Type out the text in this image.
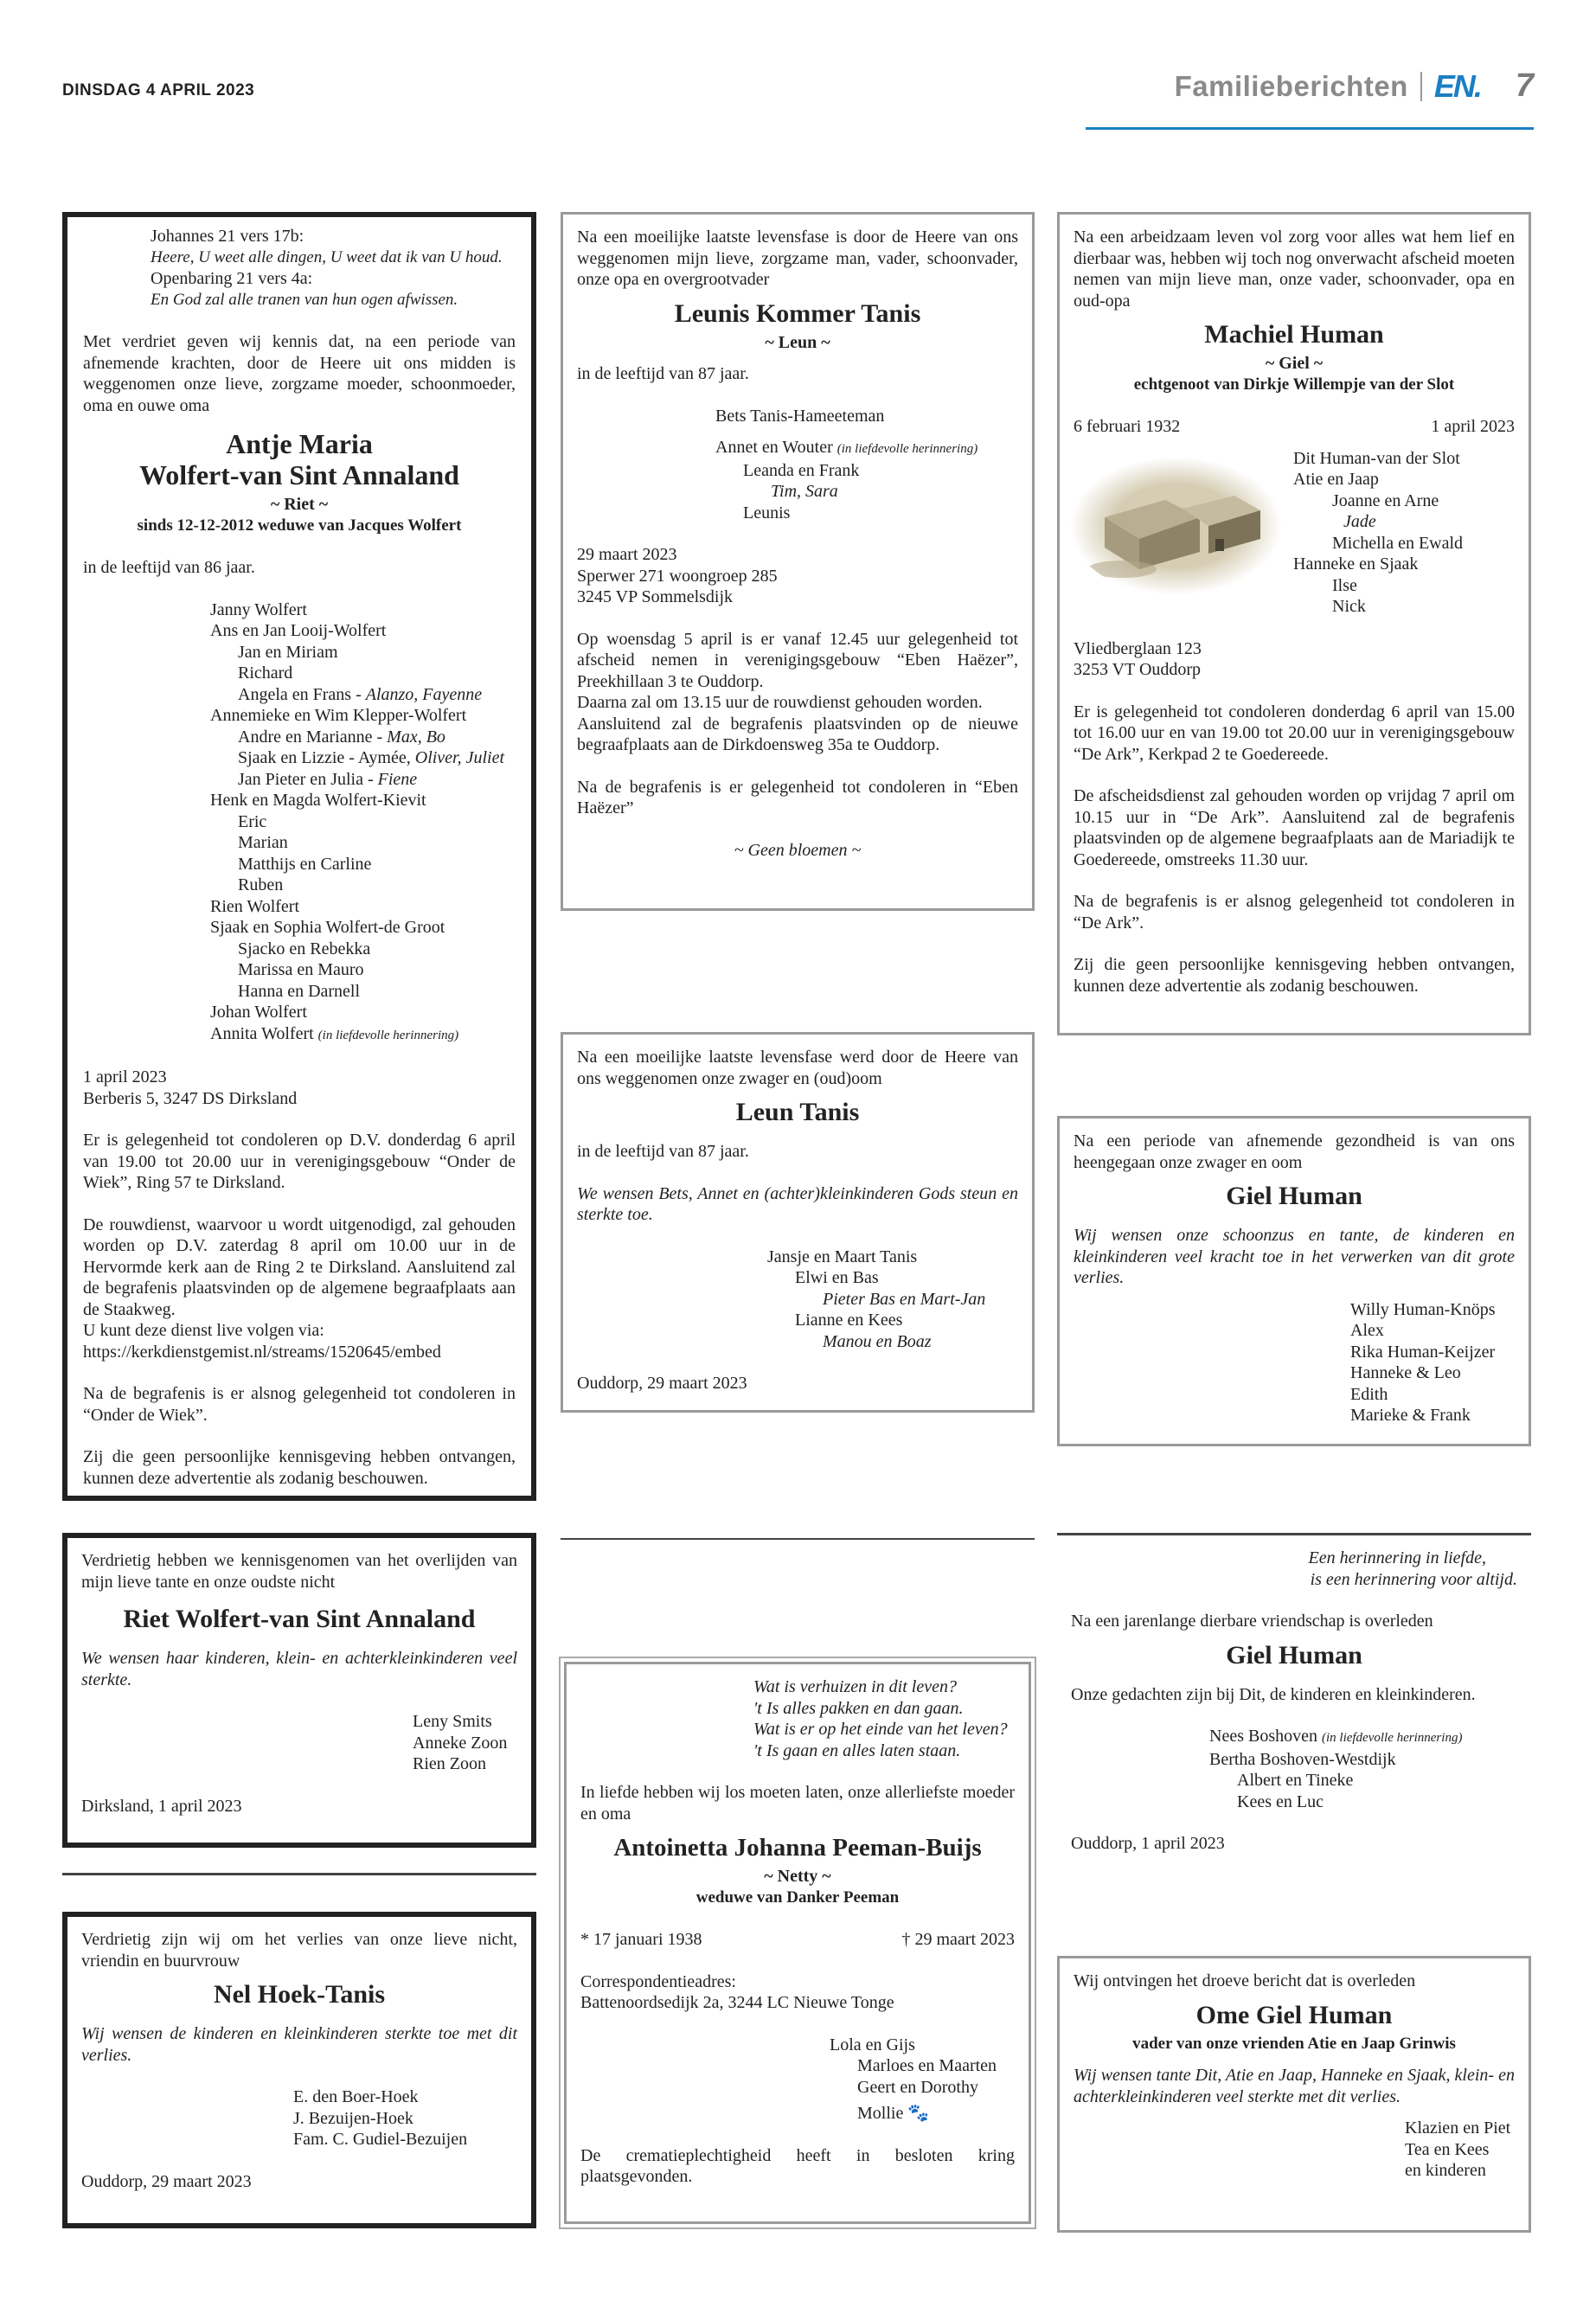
DINSDAG 4 APRIL 2023	Familieberichten EN. 7
Johannes 21 vers 17b:
Heere, U weet alle dingen, U weet dat ik van U houd.
Openbaring 21 vers 4a:
En God zal alle tranen van hun ogen afwissen.
Met verdriet geven wij kennis dat, na een periode van afnemende krachten, door de Heere uit ons midden is weggenomen onze lieve, zorgzame moeder, schoonmoeder, oma en ouwe oma
Antje Maria
Wolfert-van Sint Annaland
~ Riet ~
sinds 12-12-2012 weduwe van Jacques Wolfert
in de leeftijd van 86 jaar.
Janny Wolfert
Ans en Jan Looij-Wolfert
Jan en Miriam
Richard
Angela en Frans - Alanzo, Fayenne
Annemieke en Wim Klepper-Wolfert
Andre en Marianne - Max, Bo
Sjaak en Lizzie - Aymée, Oliver, Juliet
Jan Pieter en Julia - Fiene
Henk en Magda Wolfert-Kievit
Eric
Marian
Matthijs en Carline
Ruben
Rien Wolfert
Sjaak en Sophia Wolfert-de Groot
Sjacko en Rebekka
Marissa en Mauro
Hanna en Darnell
Johan Wolfert
Annita Wolfert (in liefdevolle herinnering)
1 april 2023
Berberis 5, 3247 DS Dirksland
Er is gelegenheid tot condoleren op D.V. donderdag 6 april van 19.00 tot 20.00 uur in verenigingsgebouw “Onder de Wiek”, Ring 57 te Dirksland.
De rouwdienst, waarvoor u wordt uitgenodigd, zal gehouden worden op D.V. zaterdag 8 april om 10.00 uur in de Hervormde kerk aan de Ring 2 te Dirksland. Aansluitend zal de begrafenis plaatsvinden op de algemene begraafplaats aan de Staakweg.
U kunt deze dienst live volgen via:
https://kerkdienstgemist.nl/streams/1520645/embed
Na de begrafenis is er alsnog gelegenheid tot condoleren in “Onder de Wiek”.
Zij die geen persoonlijke kennisgeving hebben ontvangen, kunnen deze advertentie als zodanig beschouwen.
Na een moeilijke laatste levensfase is door de Heere van ons weggenomen mijn lieve, zorgzame man, vader, schoonvader, onze opa en overgrootvader
Leunis Kommer Tanis
~ Leun ~
in de leeftijd van 87 jaar.
Bets Tanis-Hameeteman
Annet en Wouter (in liefdevolle herinnering)
Leanda en Frank
Tim, Sara
Leunis
29 maart 2023
Sperwer 271 woongroep 285
3245 VP Sommelsdijk
Op woensdag 5 april is er vanaf 12.45 uur gelegenheid tot afscheid nemen in verenigingsgebouw “Eben Haëzer”, Preekhillaan 3 te Ouddorp.
Daarna zal om 13.15 uur de rouwdienst gehouden worden.
Aansluitend zal de begrafenis plaatsvinden op de nieuwe begraafplaats aan de Dirkdoensweg 35a te Ouddorp.
Na de begrafenis is er gelegenheid tot condoleren in “Eben Haëzer”
~ Geen bloemen ~
Na een arbeidzaam leven vol zorg voor alles wat hem lief en dierbaar was, hebben wij toch nog onverwacht afscheid moeten nemen van mijn lieve man, onze vader, schoonvader, opa en oud-opa
Machiel Human
~ Giel ~
echtgenoot van Dirkje Willempje van der Slot
6 februari 1932	1 april 2023
Dit Human-van der Slot
Atie en Jaap
Joanne en Arne
Jade
Michella en Ewald
Hanneke en Sjaak
Ilse
Nick
Vliedberglaan 123
3253 VT Ouddorp
Er is gelegenheid tot condoleren donderdag 6 april van 15.00 tot 16.00 uur en van 19.00 tot 20.00 uur in verenigingsgebouw “De Ark”, Kerkpad 2 te Goedereede.
De afscheidsdienst zal gehouden worden op vrijdag 7 april om 10.15 uur in “De Ark”. Aansluitend zal de begrafenis plaatsvinden op de algemene begraafplaats aan de Mariadijk te Goedereede, omstreeks 11.30 uur.
Na de begrafenis is er alsnog gelegenheid tot condoleren in “De Ark”.
Zij die geen persoonlijke kennisgeving hebben ontvangen, kunnen deze advertentie als zodanig beschouwen.
Na een moeilijke laatste levensfase werd door de Heere van ons weggenomen onze zwager en (oud)oom
Leun Tanis
in de leeftijd van 87 jaar.
We wensen Bets, Annet en (achter)kleinkinderen Gods steun en sterkte toe.
Jansje en Maart Tanis
Elwi en Bas
Pieter Bas en Mart-Jan
Lianne en Kees
Manou en Boaz
Ouddorp, 29 maart 2023
Na een periode van afnemende gezondheid is van ons heengegaan onze zwager en oom
Giel Human
Wij wensen onze schoonzus en tante, de kinderen en kleinkinderen veel kracht toe in het verwerken van dit grote verlies.
Willy Human-Knöps
Alex
Rika Human-Keijzer
Hanneke & Leo
Edith
Marieke & Frank
Verdrietig hebben we kennisgenomen van het overlijden van mijn lieve tante en onze oudste nicht
Riet Wolfert-van Sint Annaland
We wensen haar kinderen, klein- en achterkleinkinderen veel sterkte.
Leny Smits
Anneke Zoon
Rien Zoon
Dirksland, 1 april 2023
Wat is verhuizen in dit leven?
't Is alles pakken en dan gaan.
Wat is er op het einde van het leven?
't Is gaan en alles laten staan.
In liefde hebben wij los moeten laten, onze allerliefste moeder en oma
Antoinetta Johanna Peeman-Buijs
~ Netty ~
weduwe van Danker Peeman
* 17 januari 1938	† 29 maart 2023
Correspondentieadres:
Battenoordsedijk 2a, 3244 LC Nieuwe Tonge
Lola en Gijs
Marloes en Maarten
Geert en Dorothy
Mollie 🐾
De crematieplechtigheid heeft in besloten kring plaatsgevonden.
Een herinnering in liefde,
is een herinnering voor altijd.
Na een jarenlange dierbare vriendschap is overleden
Giel Human
Onze gedachten zijn bij Dit, de kinderen en kleinkinderen.
Nees Boshoven (in liefdevolle herinnering)
Bertha Boshoven-Westdijk
Albert en Tineke
Kees en Luc
Ouddorp, 1 april 2023
Verdrietig zijn wij om het verlies van onze lieve nicht, vriendin en buurvrouw
Nel Hoek-Tanis
Wij wensen de kinderen en kleinkinderen sterkte toe met dit verlies.
E. den Boer-Hoek
J. Bezuijen-Hoek
Fam. C. Gudiel-Bezuijen
Ouddorp, 29 maart 2023
Wij ontvingen het droeve bericht dat is overleden
Ome Giel Human
vader van onze vrienden Atie en Jaap Grinwis
Wij wensen tante Dit, Atie en Jaap, Hanneke en Sjaak, klein- en achterkleinkinderen veel sterkte met dit verlies.
Klazien en Piet
Tea en Kees
en kinderen
